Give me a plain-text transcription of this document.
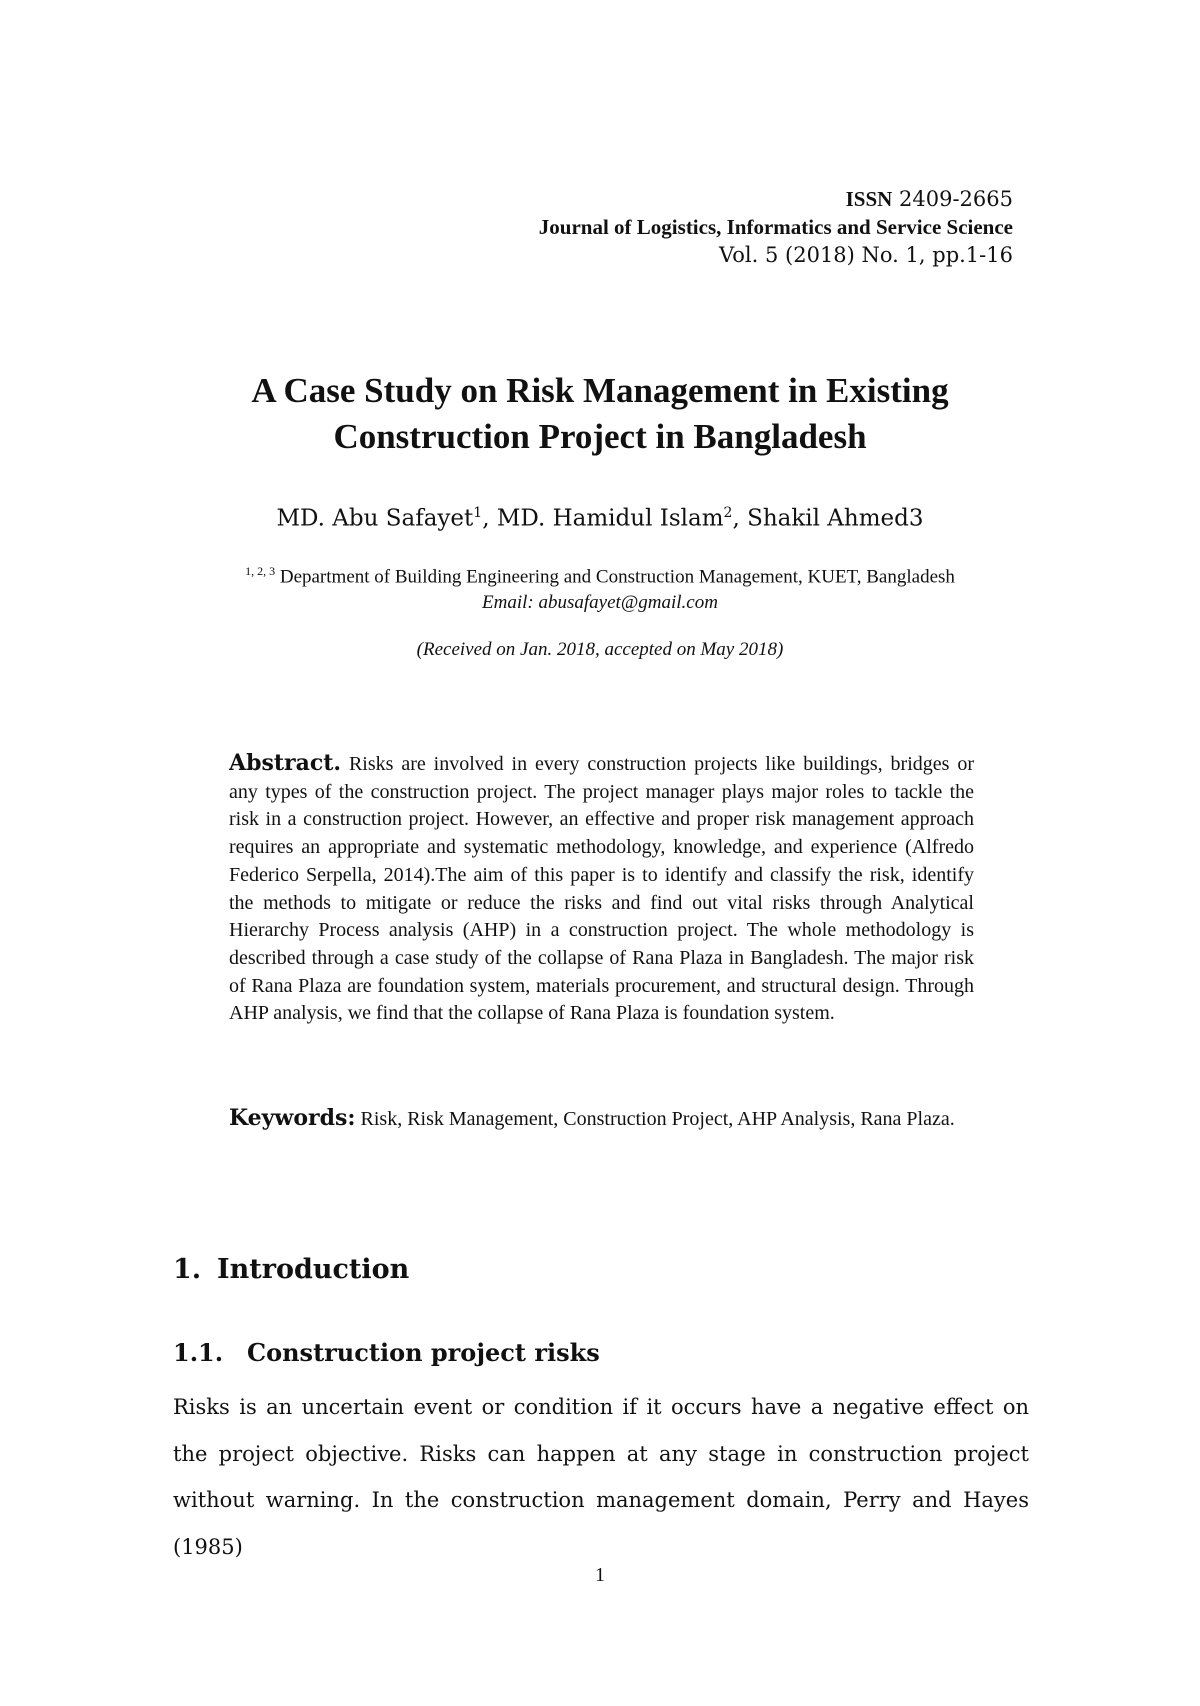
ISSN 2409-2665
Journal of Logistics, Informatics and Service Science
Vol. 5 (2018) No. 1, pp.1-16
A Case Study on Risk Management in Existing
Construction Project in Bangladesh
MD. Abu Safayet$^1$, MD. Hamidul Islam$^2$, Shakil Ahmed3
$^{1, 2, 3}$ Department of Building Engineering and Construction Management, KUET, Bangladesh
Email: abusafayet@gmail.com
(Received on Jan. 2018, accepted on May 2018)

Abstract. Risks are involved in every construction projects like buildings, bridges or any types of the construction project. The project manager plays major roles to tackle the risk in a construction project. However, an effective and proper risk management approach requires an appropriate and systematic methodology, knowledge, and experience (Alfredo Federico Serpella, 2014).The aim of this paper is to identify and classify the risk, identify the methods to mitigate or reduce the risks and find out vital risks through Analytical Hierarchy Process analysis (AHP) in a construction project. The whole methodology is described through a case study of the collapse of Rana Plaza in Bangladesh. The major risk of Rana Plaza are foundation system, materials procurement, and structural design. Through AHP analysis, we find that the collapse of Rana Plaza is foundation system.

Keywords: Risk, Risk Management, Construction Project, AHP Analysis, Rana Plaza.

1. Introduction
1.1. Construction project risks

Risks is an uncertain event or condition if it occurs have a negative effect on the project objective. Risks can happen at any stage in construction project without warning. In the construction management domain, Perry and Hayes (1985)

1
